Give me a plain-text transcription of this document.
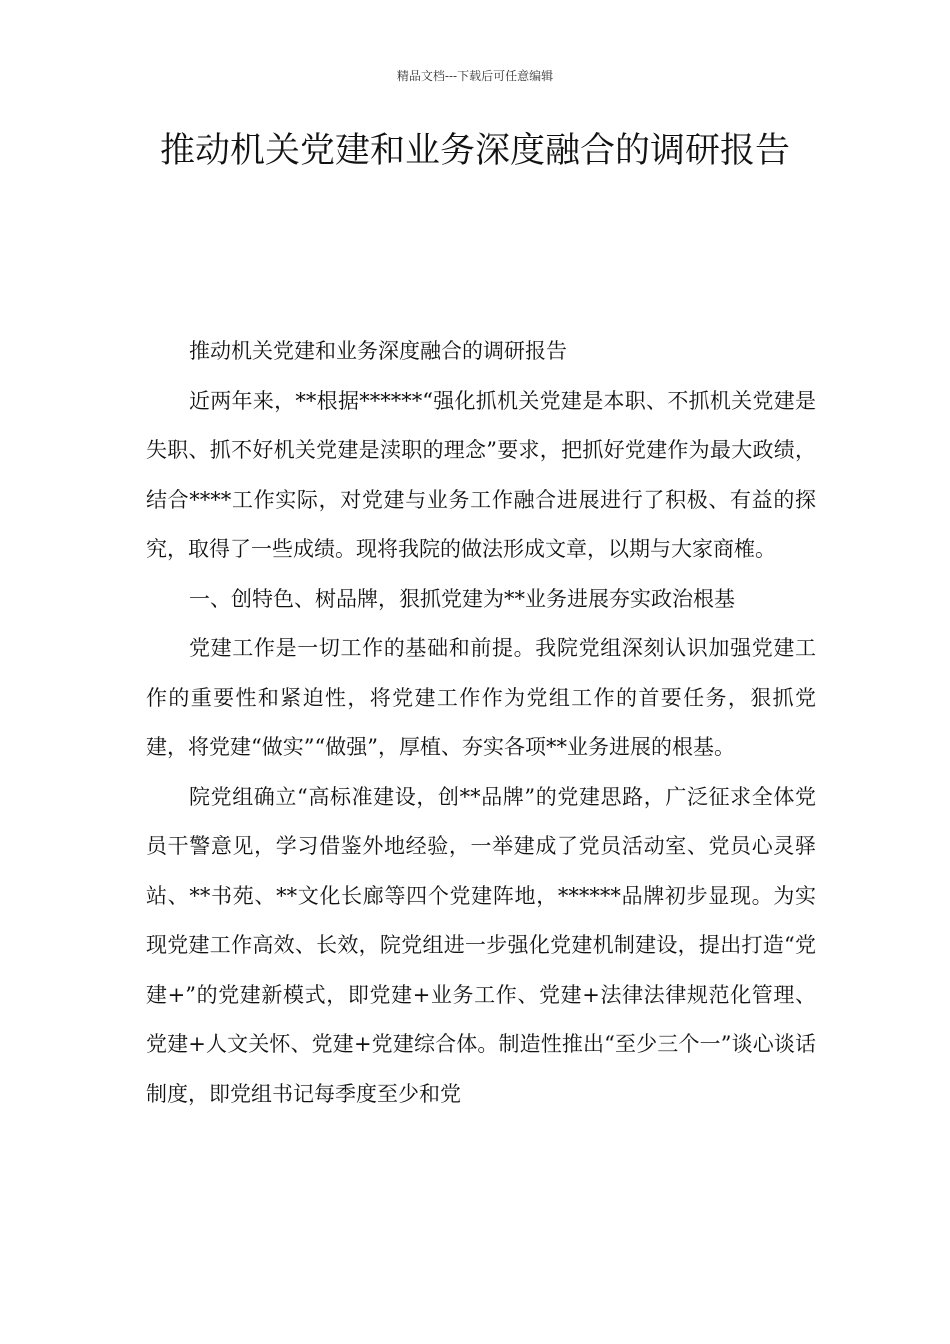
精品文档---下载后可任意编辑
推动机关党建和业务深度融合的调研报告

推动机关党建和业务深度融合的调研报告

近两年来，**根据******“强化抓机关党建是本职、不抓机关党建是失职、抓不好机关党建是渎职的理念”要求，把抓好党建作为最大政绩，结合****工作实际，对党建与业务工作融合进展进行了积极、有益的探究，取得了一些成绩。现将我院的做法形成文章，以期与大家商榷。

一、创特色、树品牌，狠抓党建为**业务进展夯实政治根基

党建工作是一切工作的基础和前提。我院党组深刻认识加强党建工作的重要性和紧迫性，将党建工作作为党组工作的首要任务，狠抓党建，将党建“做实”“做强”，厚植、夯实各项**业务进展的根基。

院党组确立“高标准建设，创**品牌”的党建思路，广泛征求全体党员干警意见，学习借鉴外地经验，一举建成了党员活动室、党员心灵驿站、**书苑、**文化长廊等四个党建阵地，******品牌初步显现。为实现党建工作高效、长效，院党组进一步强化党建机制建设，提出打造“党建+”的党建新模式，即党建+业务工作、党建+法律法律规范化管理、党建+人文关怀、党建+党建综合体。制造性推出“至少三个一”谈心谈话制度，即党组书记每季度至少和党
